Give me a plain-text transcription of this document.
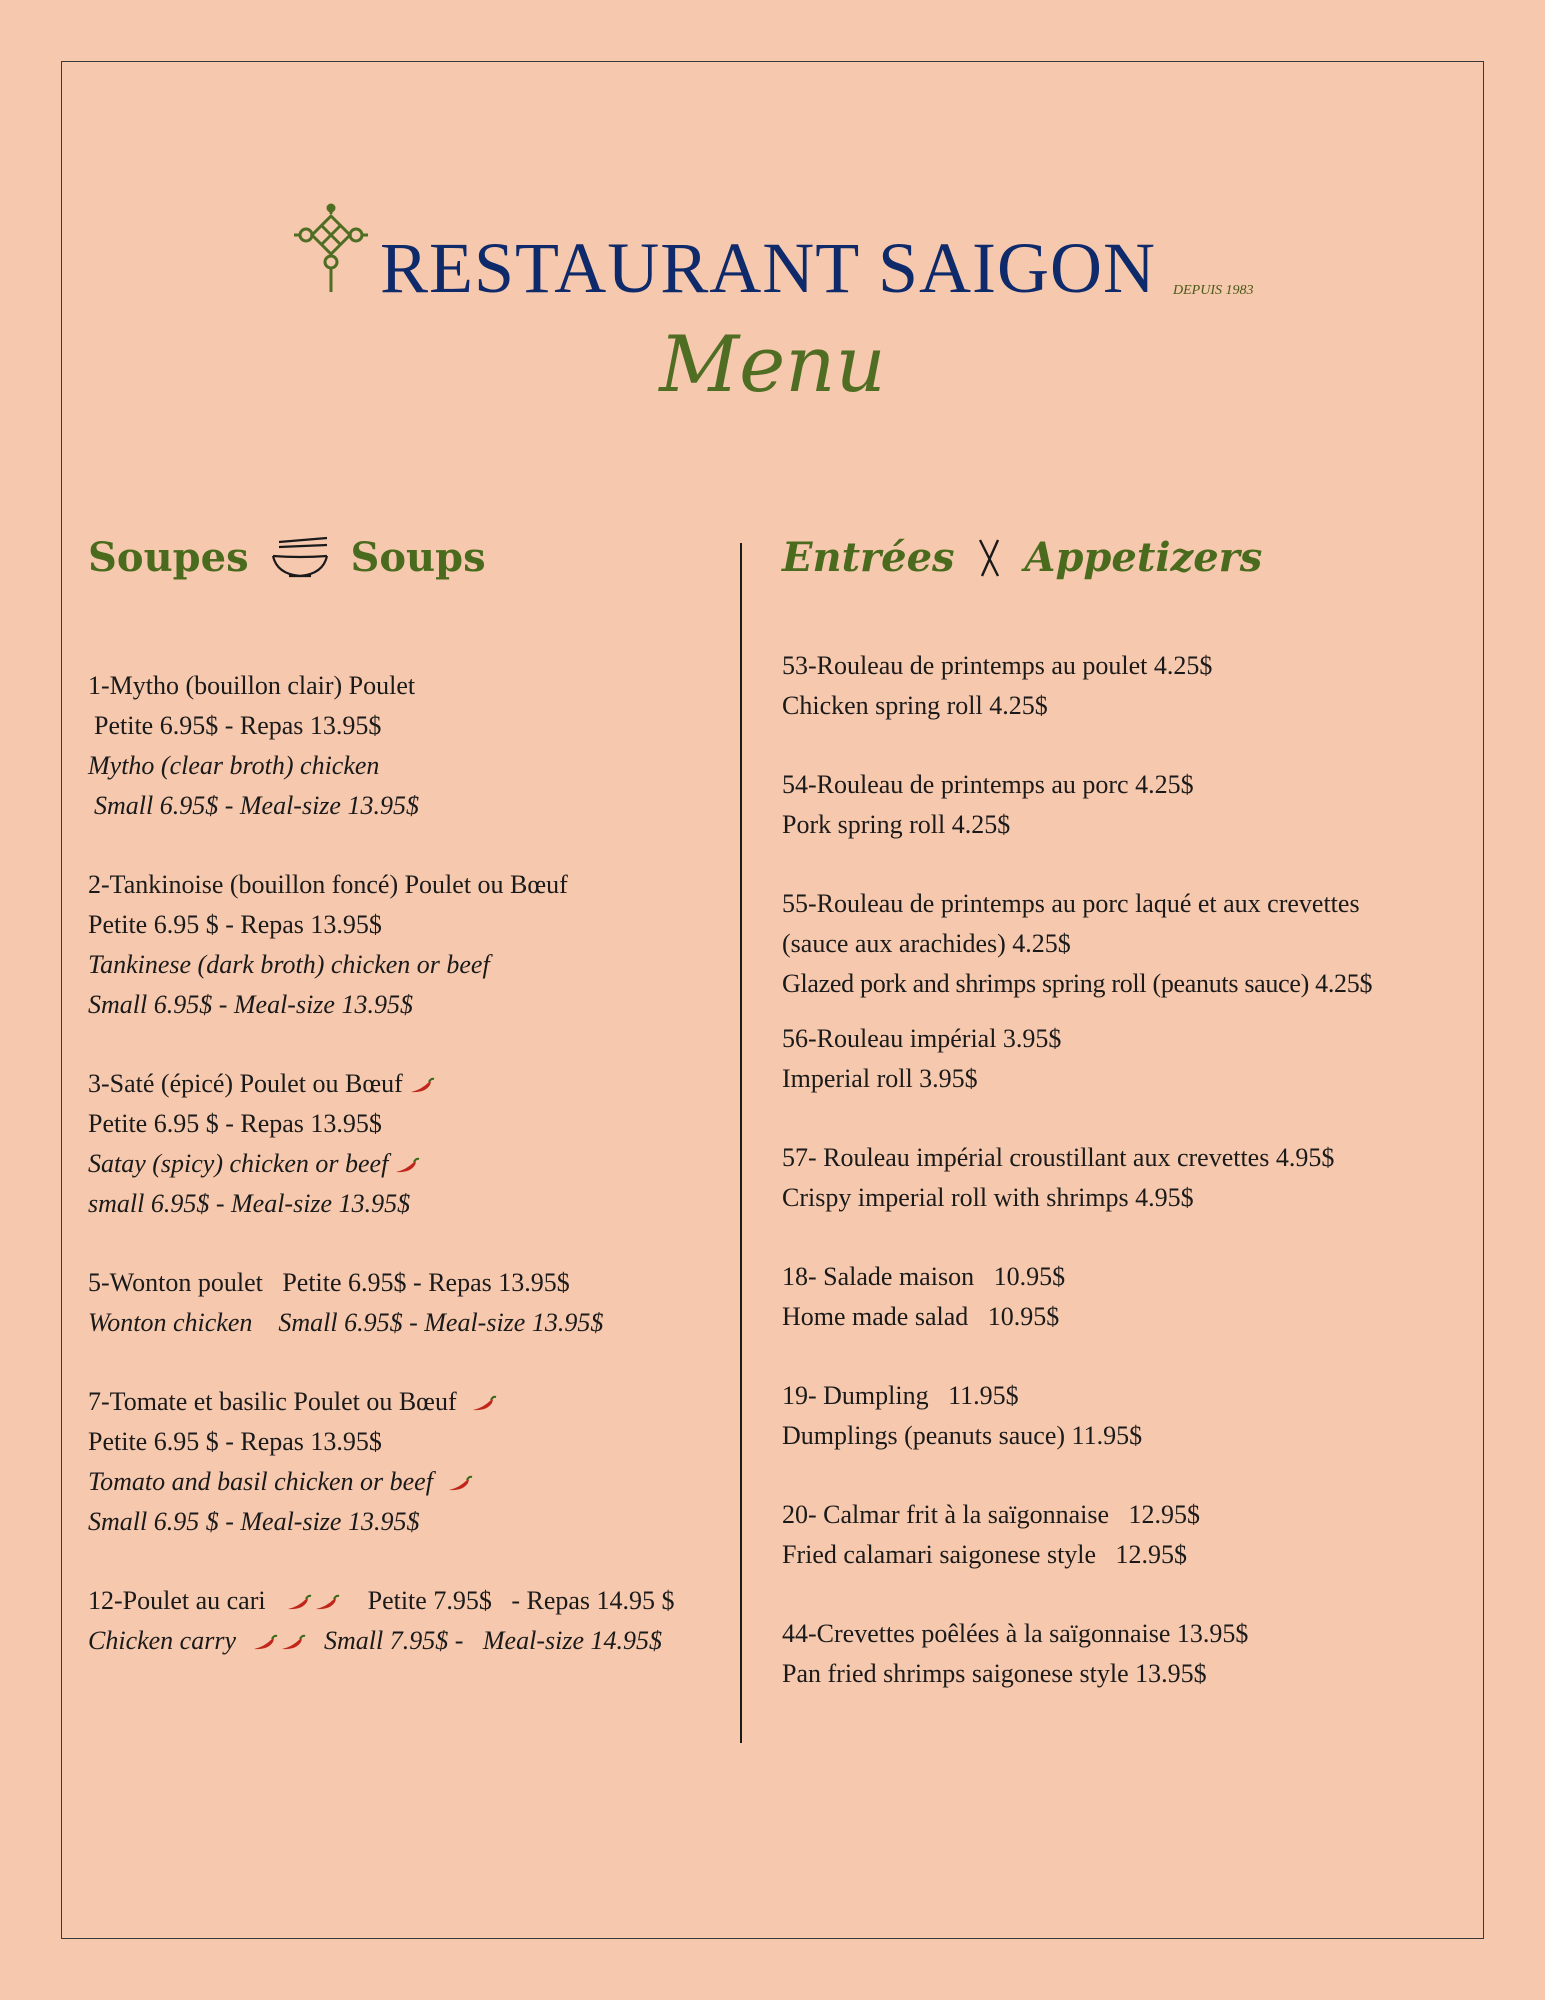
RESTAURANT SAIGON DEPUIS 1983
Menu
Soupes	Soups	Entrées Appetizers
1-Mytho (bouillon clair) Poulet
Petite 6.95$ - Repas 13.95$
Mytho (clear broth) chicken
Small 6.95$ - Meal-size 13.95$
2-Tankinoise (bouillon foncé) Poulet ou Bœuf
Petite 6.95 $ - Repas 13.95$
Tankinese (dark broth) chicken or beef
Small 6.95$ - Meal-size 13.95$
3-Saté (épicé) Poulet ou Bœuf
Petite 6.95 $ - Repas 13.95$
Satay (spicy) chicken or beef
small 6.95$ - Meal-size 13.95$
5-Wonton poulet   Petite 6.95$ - Repas 13.95$
Wonton chicken    Small 6.95$ - Meal-size 13.95$
7-Tomate et basilic Poulet ou Bœuf
Petite 6.95 $ - Repas 13.95$
Tomato and basil chicken or beef
Small 6.95 $ - Meal-size 13.95$
12-Poulet au cari	Petite 7.95$   - Repas 14.95 $
Chicken carry	Small 7.95$ -   Meal-size 14.95$
53-Rouleau de printemps au poulet 4.25$
Chicken spring roll 4.25$
54-Rouleau de printemps au porc 4.25$
Pork spring roll 4.25$
55-Rouleau de printemps au porc laqué et aux crevettes
(sauce aux arachides) 4.25$
Glazed pork and shrimps spring roll (peanuts sauce) 4.25$
56-Rouleau impérial 3.95$
Imperial roll 3.95$
57- Rouleau impérial croustillant aux crevettes 4.95$
Crispy imperial roll with shrimps 4.95$
18- Salade maison   10.95$
Home made salad   10.95$
19- Dumpling   11.95$
Dumplings (peanuts sauce) 11.95$
20- Calmar frit à la saïgonnaise   12.95$
Fried calamari saigonese style   12.95$
44-Crevettes poêlées à la saïgonnaise 13.95$
Pan fried shrimps saigonese style 13.95$
